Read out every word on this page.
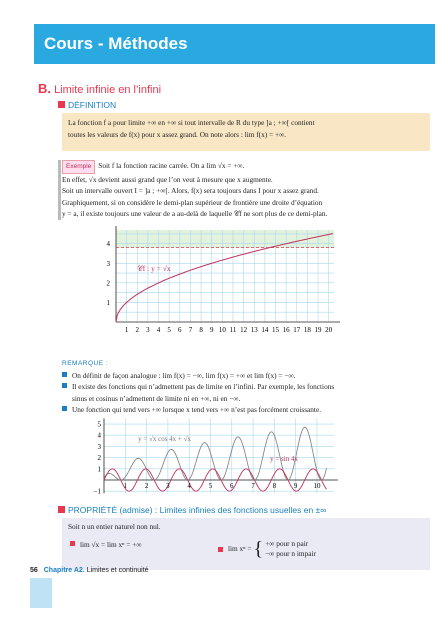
Cours - Méthodes
B. Limite infinie en l’infini
DÉFINITION
La fonction f a pour limite +∞ en +∞ si tout intervalle de R du type ]a ; +∞[ contient
toutes les valeurs de f(x) pour x assez grand. On note alors : lim f(x) = +∞.
Exemple Soit f la fonction racine carrée. On a lim √x = +∞.
En effet, √x devient aussi grand que l’on veut à mesure que x augmente.
Soit un intervalle ouvert I = ]a ; +∞[. Alors, f(x) sera toujours dans I pour x assez grand.
Graphiquement, si on considère le demi-plan supérieur de frontière une droite d’équation
y = a, il existe toujours une valeur de a au-delà de laquelle 𝒞f ne sort plus de ce demi-plan.
1 2 3 4 5 6 7 8 9 10 11 12 13 14 15 16 17 18 19 20
1
2
3
4
𝒞f : y = √x
REMARQUE :
On définit de façon analogue : lim f(x) = −∞, lim f(x) = +∞ et lim f(x) = −∞.
Il existe des fonctions qui n’admettent pas de limite en l’infini. Par exemple, les fonctions
sinus et cosinus n’admettent de limite ni en +∞, ni en −∞.
Une fonction qui tend vers +∞ lorsque x tend vers +∞ n’est pas forcément croissante.
1	2	3	4	5	6	7	8	9 10
−1
1
2
3
4
5
y = √x cos 4x + √x
y = sin 4x
PROPRIÉTÉ (admise) : Limites infinies des fonctions usuelles en ±∞
Soit n un entier naturel non nul.
lim √x = lim xⁿ = +∞	lim xⁿ = { +∞ pour n pair
−∞ pour n impair
56 Chapitre A2. Limites et continuité
